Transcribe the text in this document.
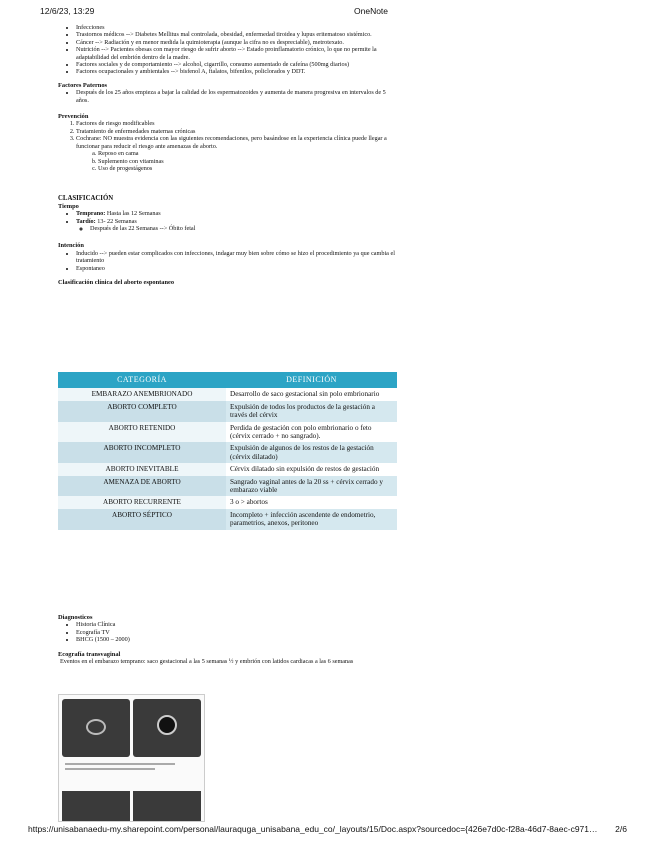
12/6/23, 13:29	OneNote
• Infecciones
• Trastornos médicos --> Diabetes Mellitus mal controlada, obesidad, enfermedad tiroidea y lupus eritematoso sistémico.
• Cáncer --> Radiación y en menor medida la quimioterapia (aunque la cifra no es despreciable), metrotexato.
• Nutrición --> Pacientes obesas con mayor riesgo de sufrir aborto --> Estado proinflamatorio crónico, lo que no permite la adaptabilidad del embrión dentro de la madre.
• Factores sociales y de comportamiento --> alcohol, cigarrillo, consumo aumentado de cafeína (500mg diarios)
• Factores ocupacionales y ambientales --> bisfenol A, ftalatos, bifenilos, policlorados y DDT.
Factores Paternos
• Después de los 25 años empieza a bajar la calidad de los espermatozoides y aumenta de manera progresiva en intervalos de 5 años.
Prevención
1. Factores de riesgo modificables
2. Tratamiento de enfermedades maternas crónicas
3. Cochrane: NO muestra evidencia con las siguientes recomendaciones, pero basándose en la experiencia clínica puede llegar a funcionar para reducir el riesgo ante amenazas de aborto.
a. Reposo en cama
b. Suplemento con vitaminas
c. Uso de progestágenos
CLASIFICACIÓN
Tiempo
• Temprano: Hasta las 12 Semanas
• Tardío: 13- 22 Semanas
◦ Después de las 22 Semanas --> Óbito fetal
Intención
• Inducido --> pueden estar complicados con infecciones, indagar muy bien sobre cómo se hizo el procedimiento ya que cambia el tratamiento
• Espontaneo
Clasificación clínica del aborto espontaneo
CATEGORÍA	DEFINICIÓN
EMBARAZO ANEMBRIONADO	Desarrollo de saco gestacional sin polo embrionario
ABORTO COMPLETO	Expulsión de todos los productos de la gestación a través del cérvix
ABORTO RETENIDO	Perdida de gestación con polo embrionario o feto (cérvix cerrado + no sangrado).
ABORTO INCOMPLETO	Expulsión de algunos de los restos de la gestación (cérvix dilatado)
ABORTO INEVITABLE	Cérvix dilatado sin expulsión de restos de gestación
AMENAZA DE ABORTO	Sangrado vaginal antes de la 20 ss + cérvix cerrado y embarazo viable
ABORTO RECURRENTE	3 o > abortos
ABORTO SÉPTICO	Incompleto + infección ascendente de endometrio, parametrios, anexos, peritoneo
Diagnosticos
• Historia Clínica
• Ecografía TV
• BHCG (1500 – 2000)
Ecografía transvaginal
Eventos en el embarazo temprano: saco gestacional a las 5 semanas ½ y embrión con latidos cardiacas a las 6 semanas
https://unisabanaedu-my.sharepoint.com/personal/lauraquga_unisabana_edu_co/_layouts/15/Doc.aspx?sourcedoc={426e7d0c-f28a-46d7-8aec-c971… 2/6
